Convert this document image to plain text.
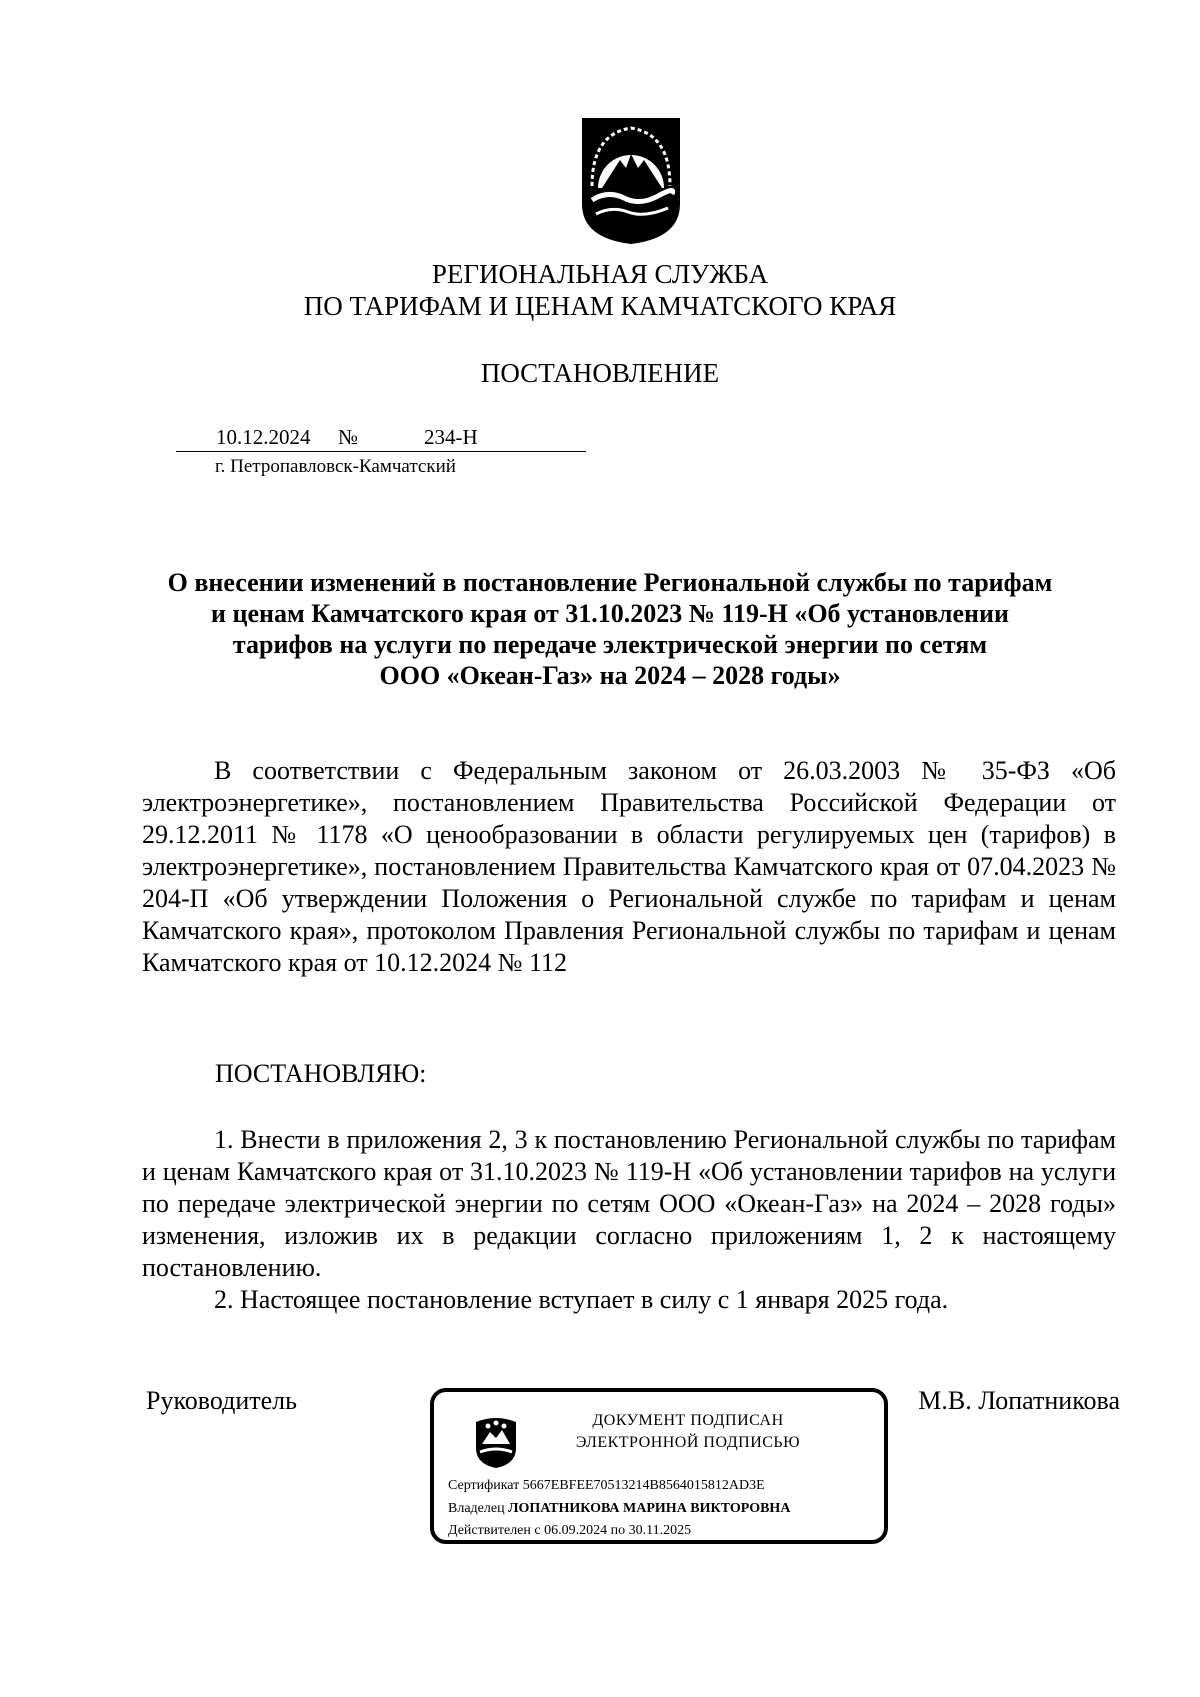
РЕГИОНАЛЬНАЯ СЛУЖБА
ПО ТАРИФАМ И ЦЕНАМ КАМЧАТСКОГО КРАЯ
ПОСТАНОВЛЕНИЕ
10.12.2024 №	234-Н
г. Петропавловск-Камчатский
О внесении изменений в постановление Региональной службы по тарифам
и ценам Камчатского края от 31.10.2023 № 119-Н «Об установлении
тарифов на услуги по передаче электрической энергии по сетям
ООО «Океан-Газ» на 2024 – 2028 годы»

В соответствии с Федеральным законом от 26.03.2003 № 35-ФЗ «Об электроэнергетике», постановлением Правительства Российской Федерации от 29.12.2011 № 1178 «О ценообразовании в области регулируемых цен (тарифов) в электроэнергетике», постановлением Правительства Камчатского края от 07.04.2023 № 204-П «Об утверждении Положения о Региональной службе по тарифам и ценам Камчатского края», протоколом Правления Региональной службы по тарифам и ценам Камчатского края от 10.12.2024 № 112

ПОСТАНОВЛЯЮ:

1. Внести в приложения 2, 3 к постановлению Региональной службы по тарифам и ценам Камчатского края от 31.10.2023 № 119-Н «Об установлении тарифов на услуги по передаче электрической энергии по сетям ООО «Океан-Газ» на 2024 – 2028 годы» изменения, изложив их в редакции согласно приложениям 1, 2 к настоящему постановлению.

2. Настоящее постановление вступает в силу с 1 января 2025 года.

Руководитель	М.В. Лопатникова
ДОКУМЕНТ ПОДПИСАН
ЭЛЕКТРОННОЙ ПОДПИСЬЮ
Сертификат 5667EBFEE70513214B8564015812AD3E
Владелец ЛОПАТНИКОВА МАРИНА ВИКТОРОВНА
Действителен с 06.09.2024 по 30.11.2025
